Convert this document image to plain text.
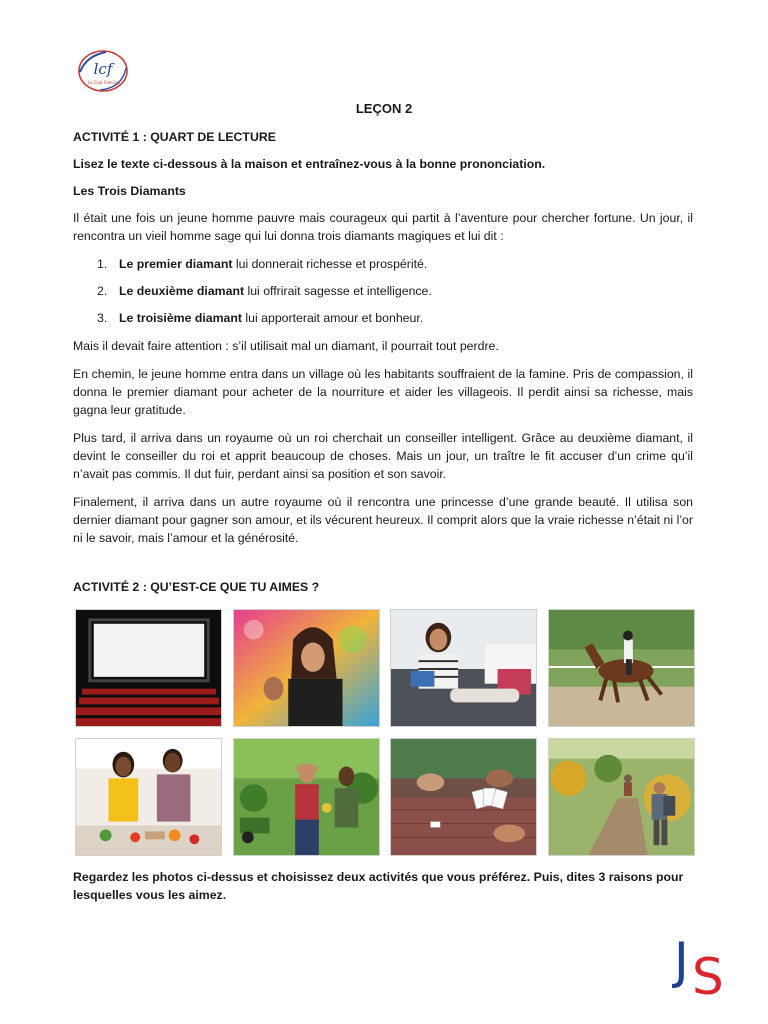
lcf
Le Club Français
LEÇON 2
ACTIVITÉ 1 : QUART DE LECTURE
Lisez le texte ci-dessous à la maison et entraînez-vous à la bonne prononciation.
Les Trois Diamants
Il était une fois un jeune homme pauvre mais courageux qui partit à l’aventure pour chercher fortune. Un jour, il rencontra un vieil homme sage qui lui donna trois diamants magiques et lui dit :
1. Le premier diamant lui donnerait richesse et prospérité.
2. Le deuxième diamant lui offrirait sagesse et intelligence.
3. Le troisième diamant lui apporterait amour et bonheur.
Mais il devait faire attention : s’il utilisait mal un diamant, il pourrait tout perdre.
En chemin, le jeune homme entra dans un village où les habitants souffraient de la famine. Pris de compassion, il donna le premier diamant pour acheter de la nourriture et aider les villageois. Il perdit ainsi sa richesse, mais gagna leur gratitude.
Plus tard, il arriva dans un royaume où un roi cherchait un conseiller intelligent. Grâce au deuxième diamant, il devint le conseiller du roi et apprit beaucoup de choses. Mais un jour, un traître le fit accuser d’un crime qu’il n’avait pas commis. Il dut fuir, perdant ainsi sa position et son savoir.
Finalement, il arriva dans un autre royaume où il rencontra une princesse d’une grande beauté. Il utilisa son dernier diamant pour gagner son amour, et ils vécurent heureux. Il comprit alors que la vraie richesse n’était ni l’or ni le savoir, mais l’amour et la générosité.
ACTIVITÉ 2 : QU’EST-CE QUE TU AIMES ?
Regardez les photos ci-dessus et choisissez deux activités que vous préférez. Puis, dites 3 raisons pour lesquelles vous les aimez.
J S
